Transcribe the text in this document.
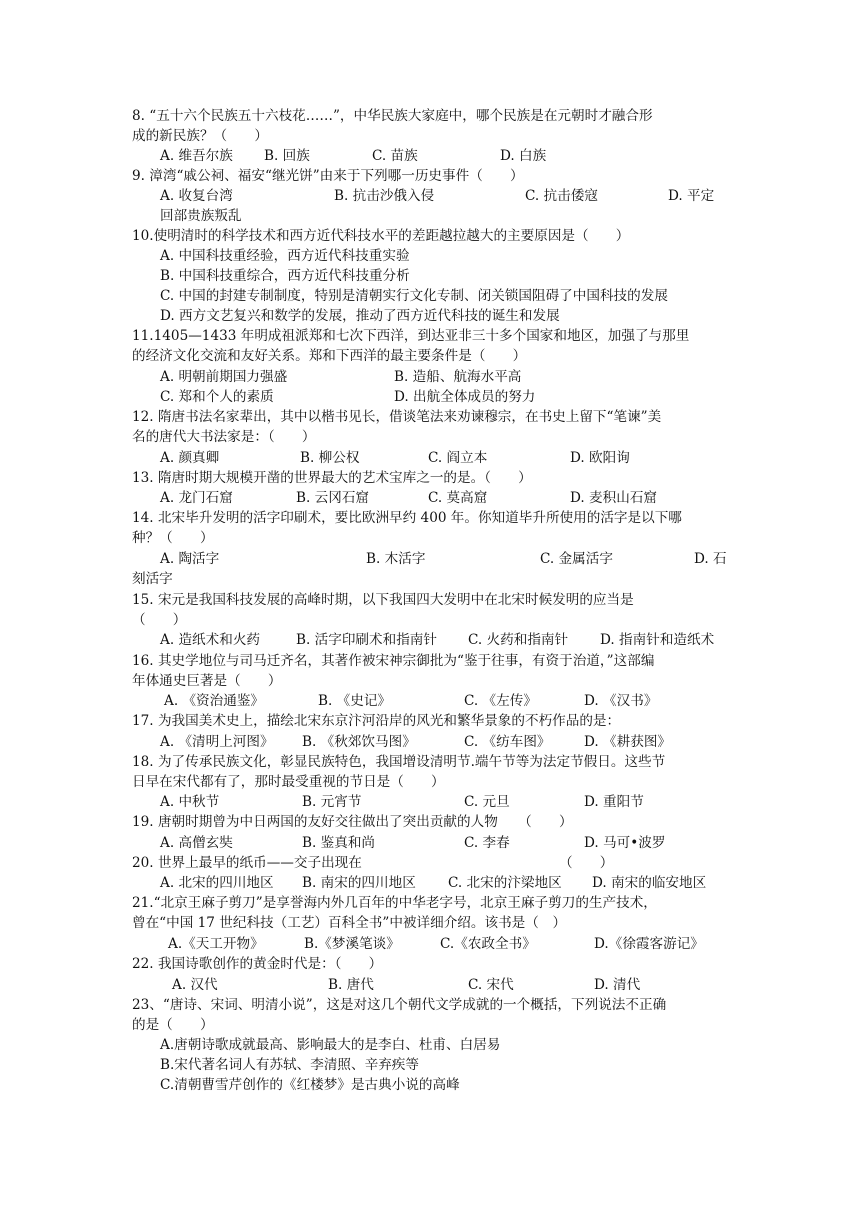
8. “五十六个民族五十六枝花……”，中华民族大家庭中，哪个民族是在元朝时才融合形
成的新民族？（　　）
A. 维吾尔族 B. 回族	C. 苗族	D. 白族
9. 漳湾“戚公祠、福安“继光饼”由来于下列哪一历史事件（　　）
A. 收复台湾	B. 抗击沙俄入侵	C. 抗击倭寇	D. 平定
回部贵族叛乱
10.使明清时的科学技术和西方近代科技水平的差距越拉越大的主要原因是（　　）
A. 中国科技重经验，西方近代科技重实验
B. 中国科技重综合，西方近代科技重分析
C. 中国的封建专制制度，特别是清朝实行文化专制、闭关锁国阻碍了中国科技的发展
D. 西方文艺复兴和数学的发展，推动了西方近代科技的诞生和发展
11.1405—1433 年明成祖派郑和七次下西洋，到达亚非三十多个国家和地区，加强了与那里
的经济文化交流和友好关系。郑和下西洋的最主要条件是（　　）
A. 明朝前期国力强盛	B. 造船、航海水平高
C. 郑和个人的素质	D. 出航全体成员的努力
12. 隋唐书法名家辈出，其中以楷书见长，借谈笔法来劝谏穆宗，在书史上留下“笔谏”美
名的唐代大书法家是：（　　）
A. 颜真卿	B. 柳公权	C. 阎立本	D. 欧阳询
13. 隋唐时期大规模开凿的世界最大的艺术宝库之一的是。（　　）
A. 龙门石窟	B. 云冈石窟	C. 莫高窟	D. 麦积山石窟
14. 北宋毕升发明的活字印刷术，要比欧洲早约 400 年。你知道毕升所使用的活字是以下哪
种？（　　）
A. 陶活字	B. 木活字	C. 金属活字	D. 石
刻活字
15. 宋元是我国科技发展的高峰时期，以下我国四大发明中在北宋时候发明的应当是
（　　）
A. 造纸术和火药	B. 活字印刷术和指南针 C. 火药和指南针 D. 指南针和造纸术
16. 其史学地位与司马迁齐名，其著作被宋神宗御批为“鉴于往事，有资于治道，”这部编
年体通史巨著是（　　）
A. 《资治通鉴》	B. 《史记》	C. 《左传》	D. 《汉书》
17. 为我国美术史上，描绘北宋东京汴河沿岸的风光和繁华景象的不朽作品的是：
A. 《清明上河图》 B. 《秋郊饮马图》	C. 《纺车图》 D. 《耕获图》
18. 为了传承民族文化，彰显民族特色，我国增设清明节.端午节等为法定节假日。这些节
日早在宋代都有了，那时最受重视的节日是（　　）
A. 中秋节	B. 元宵节	C. 元旦	D. 重阳节
19. 唐朝时期曾为中日两国的友好交往做出了突出贡献的人物　　（　　）
A. 高僧玄奘	B. 鉴真和尚	C. 李春	D. 马可•波罗
20. 世界上最早的纸币——交子出现在　　　　　　　　　　　　　　　（　　）
A. 北宋的四川地区 B. 南宋的四川地区 C. 北宋的汴梁地区 D. 南宋的临安地区
21.“北京王麻子剪刀”是享誉海内外几百年的中华老字号，北京王麻子剪刀的生产技术，
曾在“中国 17 世纪科技（工艺）百科全书”中被详细介绍。该书是（　）
A.《天工开物》	B.《梦溪笔谈》	C.《农政全书》	D.《徐霞客游记》
22. 我国诗歌创作的黄金时代是：（　　）
A. 汉代	B. 唐代	C. 宋代	D. 清代
23、“唐诗、宋词、明清小说”，这是对这几个朝代文学成就的一个概括，下列说法不正确
的是（　　）
A.唐朝诗歌成就最高、影响最大的是李白、杜甫、白居易
B.宋代著名词人有苏轼、李清照、辛弃疾等
C.清朝曹雪芹创作的《红楼梦》是古典小说的高峰
